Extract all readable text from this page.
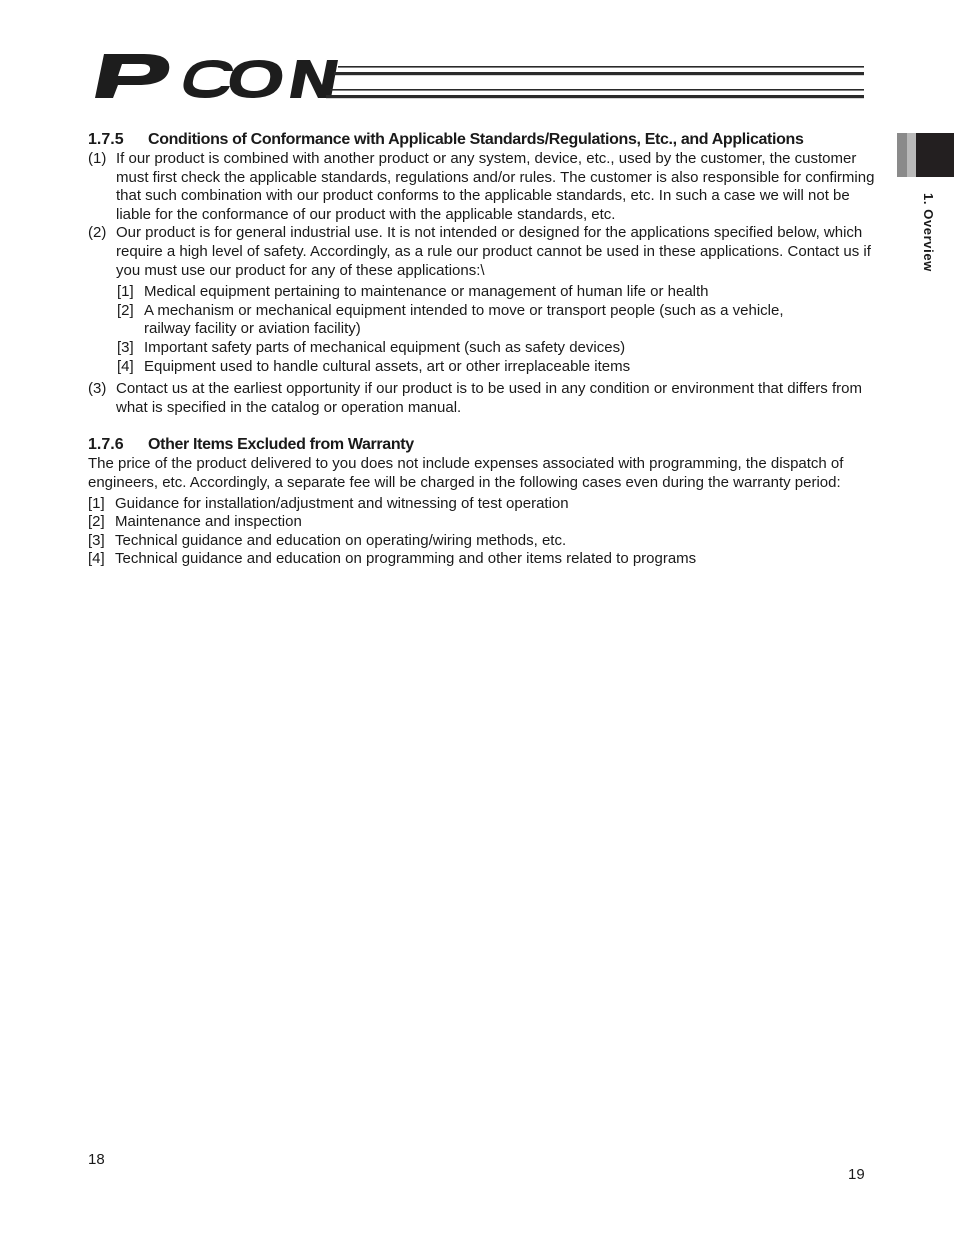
1. Overview
1.7.5 Conditions of Conformance with Applicable Standards/Regulations, Etc., and Applications

(1) If our product is combined with another product or any system, device, etc., used by the customer, the customer must first check the applicable standards, regulations and/or rules. The customer is also responsible for confirming that such combination with our product conforms to the applicable standards, etc. In such a case we will not be liable for the conformance of our product with the applicable standards, etc.

(2) Our product is for general industrial use. It is not intended or designed for the applications specified below, which require a high level of safety. Accordingly, as a rule our product cannot be used in these applications. Contact us if you must use our product for any of these applications:\

[1] Medical equipment pertaining to maintenance or management of human life or health

[2] A mechanism or mechanical equipment intended to move or transport people (such as a vehicle, railway facility or aviation facility)

[3] Important safety parts of mechanical equipment (such as safety devices)

[4] Equipment used to handle cultural assets, art or other irreplaceable items

(3) Contact us at the earliest opportunity if our product is to be used in any condition or environment that differs from what is specified in the catalog or operation manual.

1.7.6 Other Items Excluded from Warranty

The price of the product delivered to you does not include expenses associated with programming, the dispatch of engineers, etc. Accordingly, a separate fee will be charged in the following cases even during the warranty period:

[1] Guidance for installation/adjustment and witnessing of test operation

[2] Maintenance and inspection

[3] Technical guidance and education on operating/wiring methods, etc.

[4] Technical guidance and education on programming and other items related to programs

18
19
